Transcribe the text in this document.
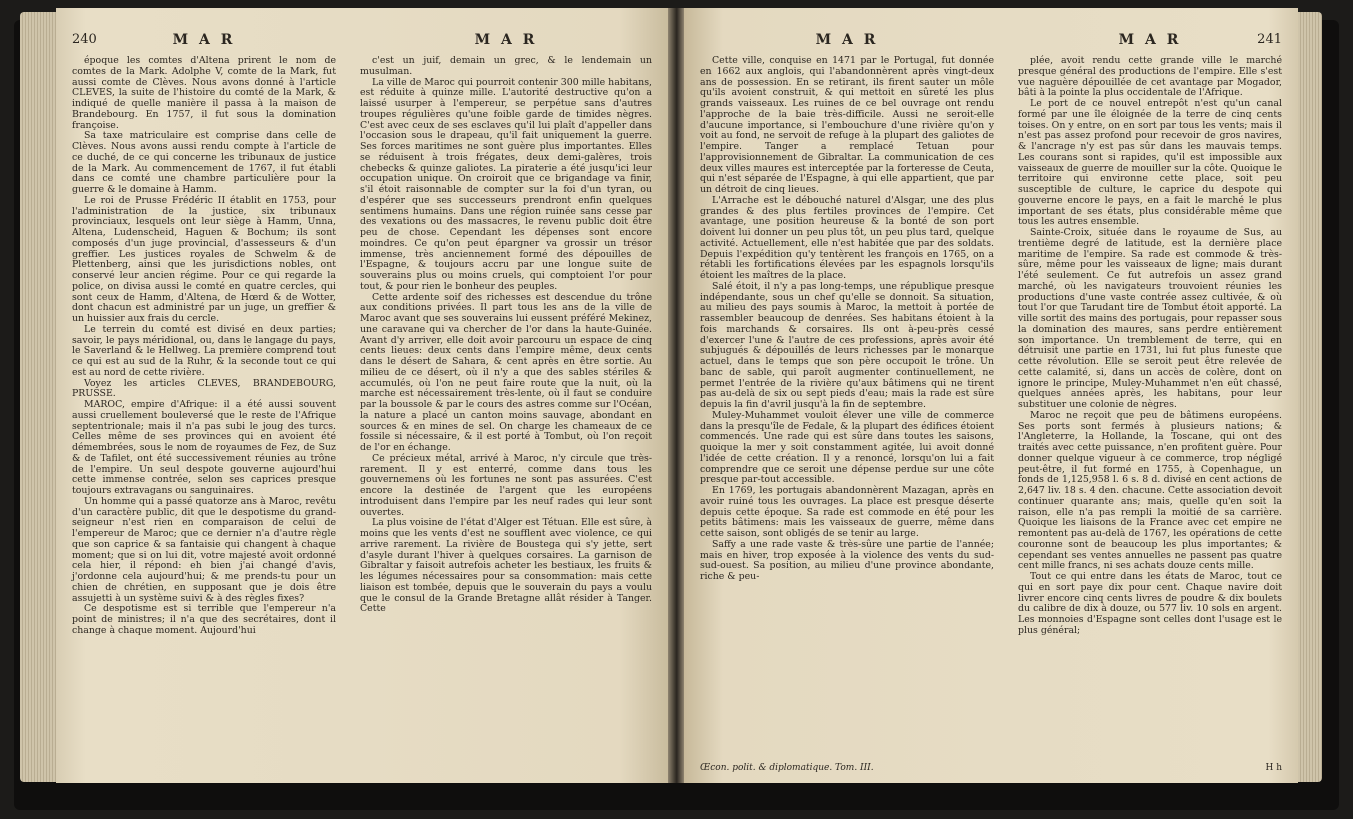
240	M A R

époque les comtes d'Altena prirent le nom de comtes de la Mark. Adolphe V, comte de la Mark, fut aussi comte de Clèves. Nous avons donné à l'article CLEVES, la suite de l'histoire du comté de la Mark, & indiqué de quelle manière il passa à la maison de Brandebourg. En 1757, il fut sous la domination françoise.

Sa taxe matriculaire est comprise dans celle de Clèves. Nous avons aussi rendu compte à l'article de ce duché, de ce qui concerne les tribunaux de justice de la Mark. Au commencement de 1767, il fut établi dans ce comté une chambre particulière pour la guerre & le domaine à Hamm.

Le roi de Prusse Frédéric II établit en 1753, pour l'administration de la justice, six tribunaux provinciaux, lesquels ont leur siège à Hamm, Unna, Altena, Ludenscheid, Haguen & Bochum; ils sont composés d'un juge provincial, d'assesseurs & d'un greffier. Les justices royales de Schwelm & de Plettenberg, ainsi que les jurisdictions nobles, ont conservé leur ancien régime. Pour ce qui regarde la police, on divisa aussi le comté en quatre cercles, qui sont ceux de Hamm, d'Altena, de Hœrd & de Wotter, dont chacun est administré par un juge, un greffier & un huissier aux frais du cercle.

Le terrein du comté est divisé en deux parties; savoir, le pays méridional, ou, dans le langage du pays, le Saverland & le Hellweg. La première comprend tout ce qui est au sud de la Ruhr, & la seconde tout ce qui est au nord de cette rivière.

Voyez les articles CLEVES, BRANDEBOURG, PRUSSE.

MAROC, empire d'Afrique: il a été aussi souvent aussi cruellement bouleversé que le reste de l'Afrique septentrionale; mais il n'a pas subi le joug des turcs. Celles même de ses provinces qui en avoient été démembrées, sous le nom de royaumes de Fez, de Suz & de Tafilet, ont été successivement réunies au trône de l'empire. Un seul despote gouverne aujourd'hui cette immense contrée, selon ses caprices presque toujours extravagans ou sanguinaires.

Un homme qui a passé quatorze ans à Maroc, revêtu d'un caractère public, dit que le despotisme du grand-seigneur n'est rien en comparaison de celui de l'empereur de Maroc; que ce dernier n'a d'autre règle que son caprice & sa fantaisie qui changent à chaque moment; que si on lui dit, votre majesté avoit ordonné cela hier, il répond: eh bien j'ai changé d'avis, j'ordonne cela aujourd'hui; & me prends-tu pour un chien de chrétien, en supposant que je dois être assujetti à un système suivi & à des règles fixes?

Ce despotisme est si terrible que l'empereur n'a point de ministres; il n'a que des secrétaires, dont il change à chaque moment. Aujourd'hui

M A R

c'est un juif, demain un grec, & le lendemain un musulman.

La ville de Maroc qui pourroit contenir 300 mille habitans, est réduite à quinze mille. L'autorité destructive qu'on a laissé usurper à l'empereur, se perpétue sans d'autres troupes régulières qu'une foible garde de timides nègres. C'est avec ceux de ses esclaves qu'il lui plaît d'appeller dans l'occasion sous le drapeau, qu'il fait uniquement la guerre. Ses forces maritimes ne sont guère plus importantes. Elles se réduisent à trois frégates, deux demi-galères, trois chebecks & quinze galiotes. La piraterie a été jusqu'ici leur occupation unique. On croiroit que ce brigandage va finir, s'il étoit raisonnable de compter sur la foi d'un tyran, ou d'espérer que ses successeurs prendront enfin quelques sentimens humains. Dans une région ruinée sans cesse par des vexations ou des massacres, le revenu public doit être peu de chose. Cependant les dépenses sont encore moindres. Ce qu'on peut épargner va grossir un trésor immense, très anciennement formé des dépouilles de l'Espagne, & toujours accru par une longue suite de souverains plus ou moins cruels, qui comptoient l'or pour tout, & pour rien le bonheur des peuples.

Cette ardente soif des richesses est descendue du trône aux conditions privées. Il part tous les ans de la ville de Maroc avant que ses souverains lui eussent préféré Mekinez, une caravane qui va chercher de l'or dans la haute-Guinée. Avant d'y arriver, elle doit avoir parcouru un espace de cinq cents lieues: deux cents dans l'empire même, deux cents dans le désert de Sahara, & cent après en être sortie. Au milieu de ce désert, où il n'y a que des sables stériles & accumulés, où l'on ne peut faire route que la nuit, où la marche est nécessairement très-lente, où il faut se conduire par la boussole & par le cours des astres comme sur l'Océan, la nature a placé un canton moins sauvage, abondant en sources & en mines de sel. On charge les chameaux de ce fossile si nécessaire, & il est porté à Tombut, où l'on reçoit de l'or en échange.

Ce précieux métal, arrivé à Maroc, n'y circule que très-rarement. Il y est enterré, comme dans tous les gouvernemens où les fortunes ne sont pas assurées. C'est encore la destinée de l'argent que les européens introduisent dans l'empire par les neuf rades qui leur sont ouvertes.

La plus voisine de l'état d'Alger est Tétuan. Elle est sûre, à moins que les vents d'est ne soufflent avec violence, ce qui arrive rarement. La rivière de Boustega qui s'y jette, sert d'asyle durant l'hiver à quelques corsaires. La garnison de Gibraltar y faisoit autrefois acheter les bestiaux, les fruits & les légumes nécessaires pour sa consommation: mais cette liaison est tombée, depuis que le souverain du pays a voulu que le consul de la Grande Bretagne allât résider à Tanger. Cette

M A R

Cette ville, conquise en 1471 par le Portugal, fut donnée en 1662 aux anglois, qui l'abandonnèrent après vingt-deux ans de possession. En se retirant, ils firent sauter un môle qu'ils avoient construit, & qui mettoit en sûreté les plus grands vaisseaux. Les ruines de ce bel ouvrage ont rendu l'approche de la baie très-difficile. Aussi ne seroit-elle d'aucune importance, si l'embouchure d'une rivière qu'on y voit au fond, ne servoit de refuge à la plupart des galiotes de l'empire. Tanger a remplacé Tetuan pour l'approvisionnement de Gibraltar. La communication de ces deux villes maures est interceptée par la forteresse de Ceuta, qui n'est séparée de l'Espagne, à qui elle appartient, que par un détroit de cinq lieues.

L'Arrache est le débouché naturel d'Alsgar, une des plus grandes & des plus fertiles provinces de l'empire. Cet avantage, une position heureuse & la bonté de son port doivent lui donner un peu plus tôt, un peu plus tard, quelque activité. Actuellement, elle n'est habitée que par des soldats. Depuis l'expédition qu'y tentèrent les françois en 1765, on a rétabli les fortifications élevées par les espagnols lorsqu'ils étoient les maîtres de la place.

Salé étoit, il n'y a pas long-temps, une république presque indépendante, sous un chef qu'elle se donnoit. Sa situation, au milieu des pays soumis à Maroc, la mettoit à portée de rassembler beaucoup de denrées. Ses habitans étoient à la fois marchands & corsaires. Ils ont à-peu-près cessé d'exercer l'une & l'autre de ces professions, après avoir été subjugués & dépouillés de leurs richesses par le monarque actuel, dans le temps que son père occupoit le trône. Un banc de sable, qui paroît augmenter continuellement, ne permet l'entrée de la rivière qu'aux bâtimens qui ne tirent pas au-delà de six ou sept pieds d'eau; mais la rade est sûre depuis la fin d'avril jusqu'à la fin de septembre.

Muley-Muhammet vouloit élever une ville de commerce dans la presqu'île de Fedale, & la plupart des édifices étoient commencés. Une rade qui est sûre dans toutes les saisons, quoique la mer y soit constamment agitée, lui avoit donné l'idée de cette création. Il y a renoncé, lorsqu'on lui a fait comprendre que ce seroit une dépense perdue sur une côte presque par-tout accessible.

En 1769, les portugais abandonnèrent Mazagan, après en avoir ruiné tous les ouvrages. La place est presque déserte depuis cette époque. Sa rade est commode en été pour les petits bâtimens: mais les vaisseaux de guerre, même dans cette saison, sont obligés de se tenir au large.

Saffy a une rade vaste & très-sûre une partie de l'année; mais en hiver, trop exposée à la violence des vents du sud-sud-ouest. Sa position, au milieu d'une province abondante, riche & peu-

Œcon. polit. & diplomatique. Tom. III.
M A R	241

plée, avoit rendu cette grande ville le marché presque général des productions de l'empire. Elle s'est vue naguère dépouillée de cet avantage par Mogador, bâti à la pointe la plus occidentale de l'Afrique.

Le port de ce nouvel entrepôt n'est qu'un canal formé par une île éloignée de la terre de cinq cents toises. On y entre, on en sort par tous les vents; mais il n'est pas assez profond pour recevoir de gros navires, & l'ancrage n'y est pas sûr dans les mauvais temps. Les courans sont si rapides, qu'il est impossible aux vaisseaux de guerre de mouiller sur la côte. Quoique le territoire qui environne cette place, soit peu susceptible de culture, le caprice du despote qui gouverne encore le pays, en a fait le marché le plus important de ses états, plus considérable même que tous les autres ensemble.

Sainte-Croix, située dans le royaume de Sus, au trentième degré de latitude, est la dernière place maritime de l'empire. Sa rade est commode & très-sûre, même pour les vaisseaux de ligne; mais durant l'été seulement. Ce fut autrefois un assez grand marché, où les navigateurs trouvoient réunies les productions d'une vaste contrée assez cultivée, & où tout l'or que Tarudant tire de Tombut étoit apporté. La ville sortit des mains des portugais, pour repasser sous la domination des maures, sans perdre entièrement son importance. Un tremblement de terre, qui en détruisit une partie en 1731, lui fut plus funeste que cette révolution. Elle se seroit peut être relevée de cette calamité, si, dans un accès de colère, dont on ignore le principe, Muley-Muhammet n'en eût chassé, quelques années après, les habitans, pour leur substituer une colonie de nègres.

Maroc ne reçoit que peu de bâtimens européens. Ses ports sont fermés à plusieurs nations; & l'Angleterre, la Hollande, la Toscane, qui ont des traités avec cette puissance, n'en profitent guère. Pour donner quelque vigueur à ce commerce, trop négligé peut-être, il fut formé en 1755, à Copenhague, un fonds de 1,125,958 l. 6 s. 8 d. divisé en cent actions de 2,647 liv. 18 s. 4 den. chacune. Cette association devoit continuer quarante ans; mais, quelle qu'en soit la raison, elle n'a pas rempli la moitié de sa carrière. Quoique les liaisons de la France avec cet empire ne remontent pas au-delà de 1767, les opérations de cette couronne sont de beaucoup les plus importantes; & cependant ses ventes annuelles ne passent pas quatre cent mille francs, ni ses achats douze cents mille.

Tout ce qui entre dans les états de Maroc, tout ce qui en sort paye dix pour cent. Chaque navire doit livrer encore cinq cents livres de poudre & dix boulets du calibre de dix à douze, ou 577 liv. 10 sols en argent. Les monnoies d'Espagne sont celles dont l'usage est le plus général;

H h
